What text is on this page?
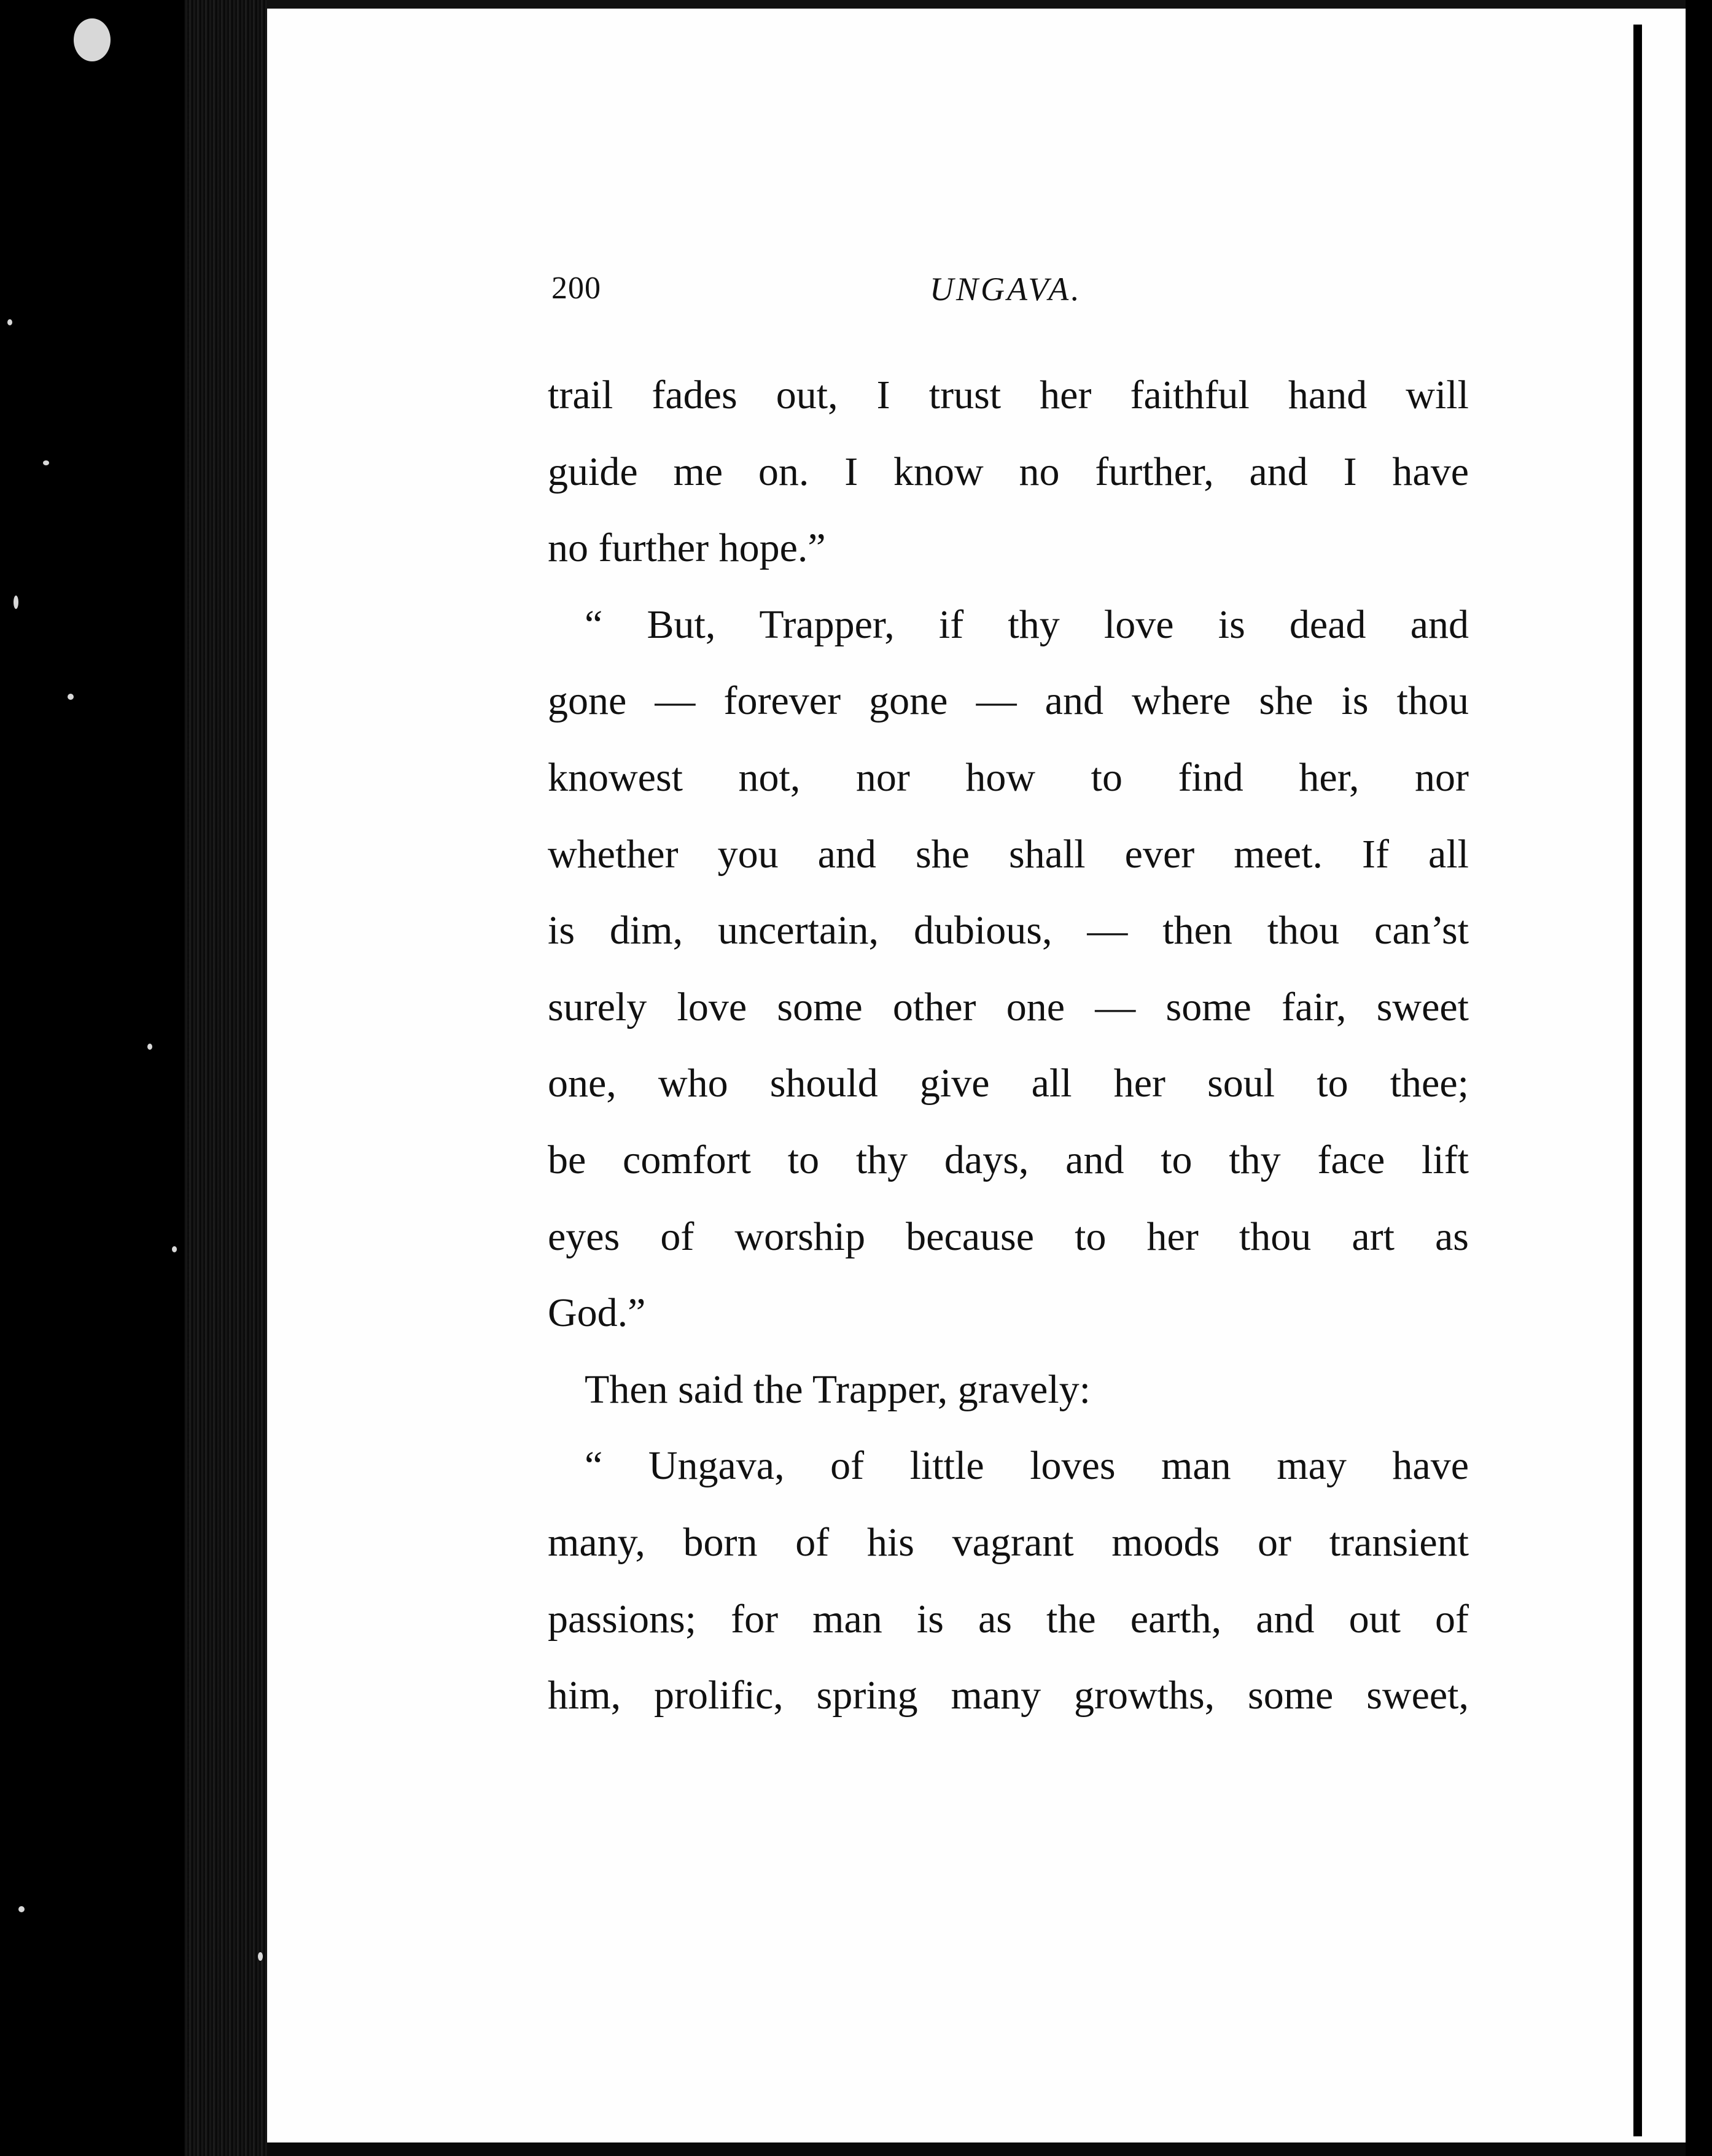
200	UNGAVA.
trail fades out, I trust her faithful hand will
guide me on. I know no further, and I have
no further hope.”
“ But, Trapper, if thy love is dead and
gone — forever gone — and where she is thou
knowest not, nor how to find her, nor
whether you and she shall ever meet. If all
is dim, uncertain, dubious, — then thou can’st
surely love some other one — some fair, sweet
one, who should give all her soul to thee;
be comfort to thy days, and to thy face lift
eyes of worship because to her thou art as
God.”
Then said the Trapper, gravely:
“ Ungava, of little loves man may have
many, born of his vagrant moods or transient
passions; for man is as the earth, and out of
him, prolific, spring many growths, some sweet,
